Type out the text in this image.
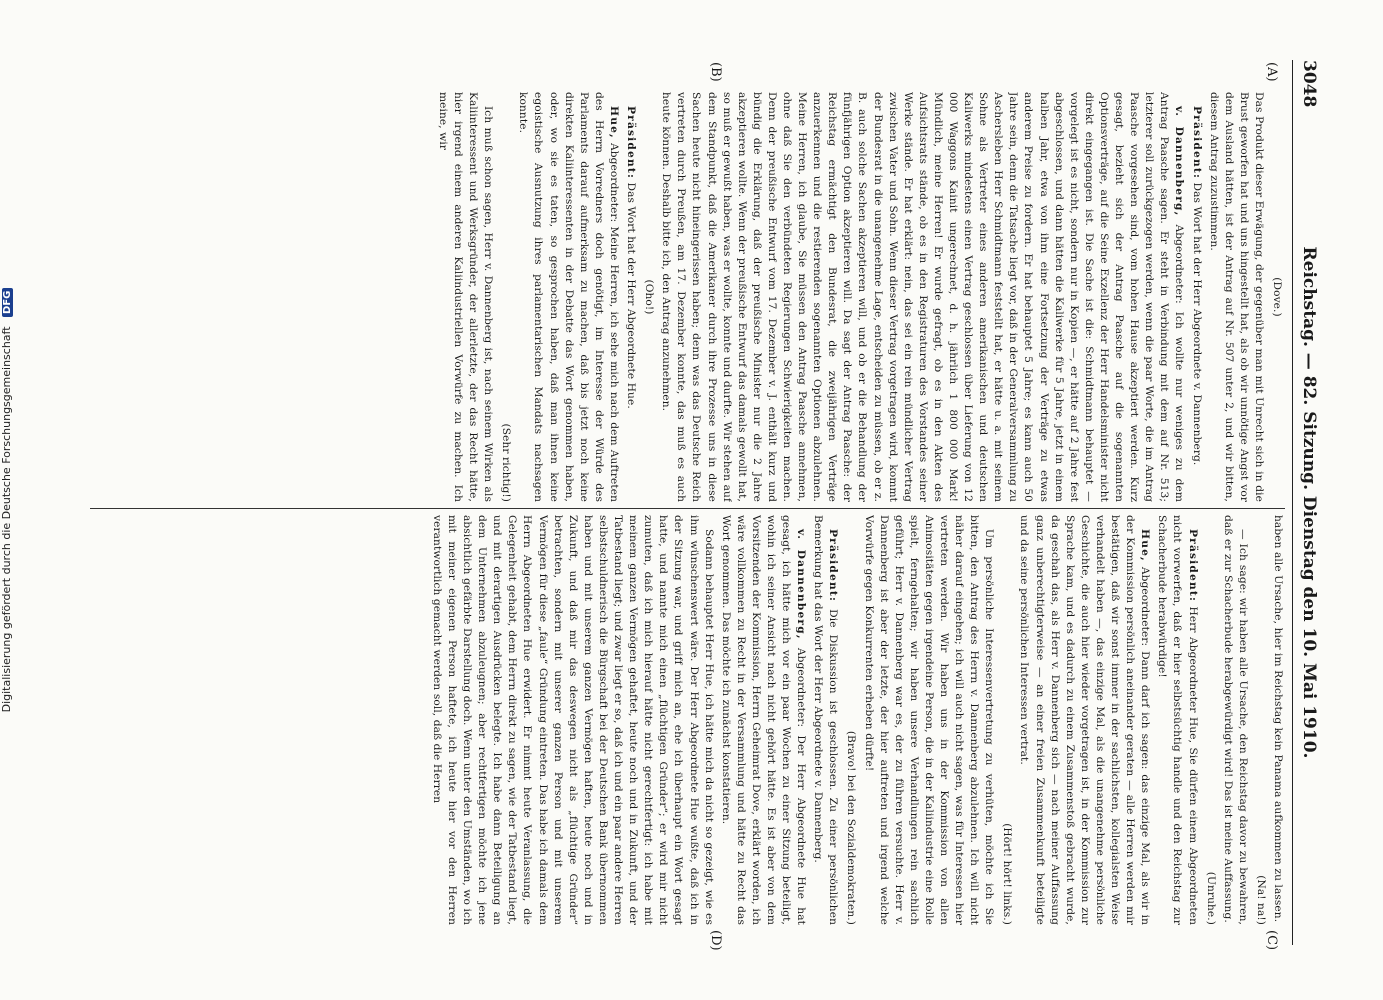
3048
Reichstag. — 82. Sitzung. Dienstag den 10. Mai 1910.
(A)
(B)
(C)
(D)

(Dove.)

Das Produkt dieser Erwägung, der gegenüber man mit Unrecht sich in die Brust geworfen hat und uns hingestellt hat, als ob wir unnötige Angst vor dem Ausland hätten, ist der Antrag auf Nr. 507 unter 2, und wir bitten, diesem Antrag zuzustimmen.

Präsident: Das Wort hat der Herr Abgeordnete v. Dannenberg.

v. Dannenberg, Abgeordneter: Ich wollte nur weniges zu dem Antrag Paasche sagen. Er steht in Verbindung mit dem auf Nr. 513; letzterer soll zurückgezogen werden, wenn die paar Worte, die im Antrag Paasche vorgesehen sind, vom hohen Hause akzeptiert werden. Kurz gesagt, bezieht sich der Antrag Paasche auf die sogenannten Optionsverträge, auf die Seine Exzellenz der Herr Handelsminister nicht direkt eingegangen ist. Die Sache ist die: Schmidtmann behauptet — vorgelegt ist es nicht, sondern nur in Kopien —, er hätte auf 2 Jahre fest abgeschlossen, und dann hätten die Kaliwerke für 5 Jahre, jetzt in einem halben Jahr, etwa von ihm eine Fortsetzung der Verträge zu etwas anderem Preise zu fordern. Er hat behauptet 5 Jahre; es kann auch 50 Jahre sein, denn die Tatsache liegt vor, daß in der Generalversammlung zu Aschersleben Herr Schmidtmann feststellt hat, er hätte u. a. mit seinem Sohne als Vertreter eines anderen amerikanischen und deutschen Kaliwerks mindestens einen Vertrag geschlossen über Lieferung von 12 000 Waggons Kainit ungerechnet, d. h. jährlich 1 800 000 Mark! Mündlich, meine Herren! Er wurde gefragt, ob es in den Akten des Aufsichtsrats stände, ob es in den Registraturen des Vorstandes seiner Werke stände. Er hat erklärt: nein, das sei ein rein mündlicher Vertrag zwischen Vater und Sohn. Wenn dieser Vertrag vorgetragen wird, kommt der Bundesrat in die unangenehme Lage, entscheiden zu müssen, ob er z. B. auch solche Sachen akzeptieren will, und ob er die Behandlung der fünfjährigen Option akzeptieren will. Da sagt der Antrag Paasche: der Reichstag ermächtigt den Bundesrat, die zweijährigen Verträge anzuerkennen und die restierenden sogenannten Optionen abzulehnen. Meine Herren, ich glaube, Sie müssen den Antrag Paasche annehmen, ohne daß Sie den verbündeten Regierungen Schwierigkeiten machen. Denn der preußische Entwurf vom 17. Dezember v. J. enthält kurz und bündig die Erklärung, daß der preußische Minister nur die 2 Jahre akzeptieren wollte. Wenn der preußische Entwurf das damals gewollt hat, so muß er gewußt haben, was er wollte, konnte und durfte. Wir stehen auf dem Standpunkt, daß die Amerikaner durch ihre Prozesse uns in diese Sachen heute nicht hineingerissen haben; denn was das Deutsche Reich vertreten durch Preußen, am 17. Dezember konnte, das muß es auch heute können. Deshalb bitte ich, den Antrag anzunehmen.

(Oho!)

Präsident: Das Wort hat der Herr Abgeordnete Hue.

Hue, Abgeordneter: Meine Herren, ich sehe mich nach dem Auftreten des Herrn Vorredners doch genötigt, im Interesse der Würde des Parlaments darauf aufmerksam zu machen, daß bis jetzt noch keine direkten Kaliinteressenten in der Debatte das Wort genommen haben, oder, wo sie es taten, so gesprochen haben, daß man ihnen keine egoistische Ausnutzung ihres parlamentarischen Mandats nachsagen konnte.

(Sehr richtig!)

Ich muß schon sagen, Herr v. Dannenberg ist, nach seinem Wirken als Kaliinteressent und Werksgründer, der allerletzte, der das Recht hätte, hier irgend einem anderen Kaliindustriellen Vorwürfe zu machen. Ich meine, wir

haben alle Ursache, hier im Reichstag kein Panama aufkommen zu lassen.

(Na! na!)

— Ich sage: wir haben alle Ursache, den Reichstag davor zu bewahren, daß er zur Schacherbude herabgewürdigt wird! Das ist meine Auffassung.

(Unruhe.)

Präsident: Herr Abgeordneter Hue, Sie dürfen einem Abgeordneten nicht vorwerfen, daß er hier selbstsüchtig handle und den Reichstag zur Schacherbude herabwürdige!

Hue, Abgeordneter: Dann darf ich sagen: das einzige Mal, als wir in der Kommission persönlich aneinander geraten — alle Herren werden mir bestätigen, daß wir sonst immer in der sachlichsten, kollegialsten Weise verhandelt haben —, das einzige Mal, als die unangenehme persönliche Geschichte, die auch hier wieder vorgetragen ist, in der Kommission zur Sprache kam, und es dadurch zu einem Zusammenstoß gebracht wurde, da geschah das, als Herr v. Dannenberg sich — nach meiner Auffassung ganz unberechtigterweise — an einer freien Zusammenkunft beteiligte und da seine persönlichen Interessen vertrat.

(Hört! hört! links.)

Um persönliche Interessenvertretung zu verhüten, möchte ich Sie bitten, den Antrag des Herrn v. Dannenberg abzulehnen. Ich will nicht näher darauf eingehen; ich will auch nicht sagen, was für Interessen hier vertreten werden. Wir haben uns in der Kommission von allen Animositäten gegen irgendeine Person, die in der Kaliindustrie eine Rolle spielt, ferngehalten; wir haben unsere Verhandlungen rein sachlich geführt; Herr v. Dannenberg war es, der zu führen versuchte. Herr v. Dannenberg ist aber der letzte, der hier auftreten und irgend welche Vorwürfe gegen Konkurrenten erheben dürfte!

(Bravo! bei den Sozialdemokraten.)

Präsident: Die Diskussion ist geschlossen. Zu einer persönlichen Bemerkung hat das Wort der Herr Abgeordnete v. Dannenberg.

v. Dannenberg, Abgeordneter: Der Herr Abgeordnete Hue hat gesagt, ich hätte mich vor ein paar Wochen zu einer Sitzung beteiligt, wohin ich seiner Ansicht nach nicht gehört hätte. Es ist aber von dem Vorsitzenden der Kommission, Herrn Geheimrat Dove, erklärt worden, ich wäre vollkommen zu Recht in der Versammlung und hätte zu Recht das Wort genommen. Das möchte ich zunächst konstatieren.

Sodann behauptet Herr Hue, ich hätte mich da nicht so gezeigt, wie es ihm wünschenswert wäre. Der Herr Abgeordnete Hue wußte, daß ich in der Sitzung war, und griff mich an, ehe ich überhaupt ein Wort gesagt hatte, und nannte mich einen „flüchtigen Gründer“; er wird mir nicht zumuten, daß ich mich hierauf hätte nicht gerechtfertigt: ich habe mit meinem ganzen Vermögen gehaftet, heute noch und in Zukunft, und der Tatbestand liegt; und zwar liegt er so, daß ich und ein paar andere Herren selbstschuldnerisch die Bürgschaft bei der Deutschen Bank übernommen haben und mit unserem ganzen Vermögen haften, heute noch und in Zukunft, und daß mir das deswegen nicht als „flüchtige Gründer“ betrachten, sondern mit unserer ganzen Person und mit unserem Vermögen für diese „faule“ Gründung eintreten. Das habe ich damals dem Herrn Abgeordneten Hue erwidert. Er nimmt heute Veranlassung, die Gelegenheit gehabt, dem Herrn direkt zu sagen, wie der Tatbestand liegt, und mit derartigen Ausdrücken belegte. Ich habe dann Beteiligung an dem Unternehmen abzuleugnen; aber rechtfertigen möchte ich jene absichtlich gefärbte Darstellung doch. Wenn unter den Umständen, wo ich mit meiner eigenen Person haftete, ich heute hier vor den Herren verantwortlich gemacht werden soll, daß die Herren

Digitalisierung gefördert durch die Deutsche Forschungsgemeinschaft DFG
